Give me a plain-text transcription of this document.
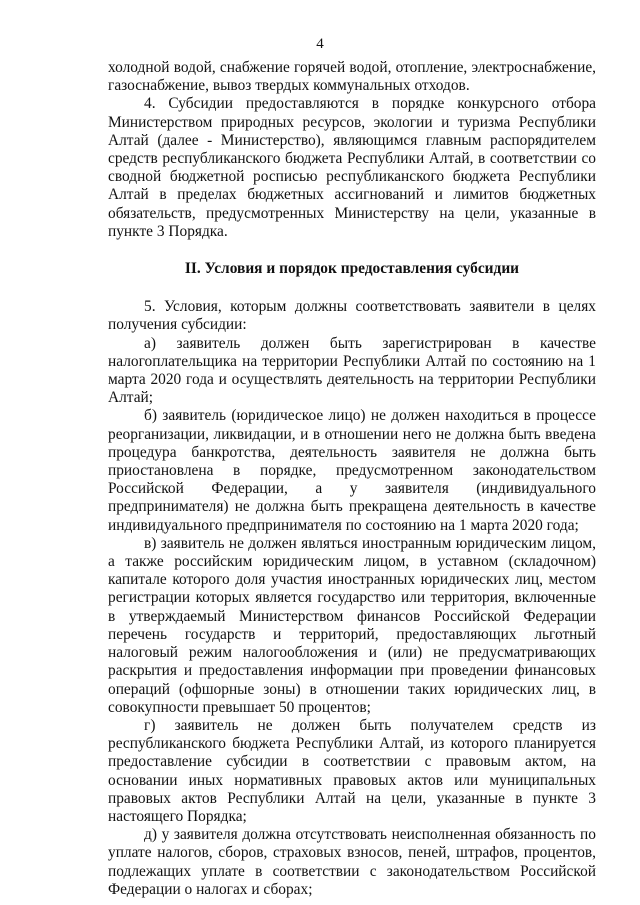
4

холодной водой, снабжение горячей водой, отопление, электроснабжение, газоснабжение, вывоз твердых коммунальных отходов.

4. Субсидии предоставляются в порядке конкурсного отбора Министерством природных ресурсов, экологии и туризма Республики Алтай (далее - Министерство), являющимся главным распорядителем средств республиканского бюджета Республики Алтай, в соответствии со сводной бюджетной росписью республиканского бюджета Республики Алтай в пределах бюджетных ассигнований и лимитов бюджетных обязательств, предусмотренных Министерству на цели, указанные в пункте 3 Порядка.

II. Условия и порядок предоставления субсидии

5. Условия, которым должны соответствовать заявители в целях получения субсидии:

а) заявитель должен быть зарегистрирован в качестве налогоплательщика на территории Республики Алтай по состоянию на 1 марта 2020 года и осуществлять деятельность на территории Республики Алтай;

б) заявитель (юридическое лицо) не должен находиться в процессе реорганизации, ликвидации, и в отношении него не должна быть введена процедура банкротства, деятельность заявителя не должна быть приостановлена в порядке, предусмотренном законодательством Российской Федерации, а у заявителя (индивидуального предпринимателя) не должна быть прекращена деятельность в качестве индивидуального предпринимателя по состоянию на 1 марта 2020 года;

в) заявитель не должен являться иностранным юридическим лицом, а также российским юридическим лицом, в уставном (складочном) капитале которого доля участия иностранных юридических лиц, местом регистрации которых является государство или территория, включенные в утверждаемый Министерством финансов Российской Федерации перечень государств и территорий, предоставляющих льготный налоговый режим налогообложения и (или) не предусматривающих раскрытия и предоставления информации при проведении финансовых операций (офшорные зоны) в отношении таких юридических лиц, в совокупности превышает 50 процентов;

г) заявитель не должен быть получателем средств из республиканского бюджета Республики Алтай, из которого планируется предоставление субсидии в соответствии с правовым актом, на основании иных нормативных правовых актов или муниципальных правовых актов Республики Алтай на цели, указанные в пункте 3 настоящего Порядка;

д) у заявителя должна отсутствовать неисполненная обязанность по уплате налогов, сборов, страховых взносов, пеней, штрафов, процентов, подлежащих уплате в соответствии с законодательством Российской Федерации о налогах и сборах;
